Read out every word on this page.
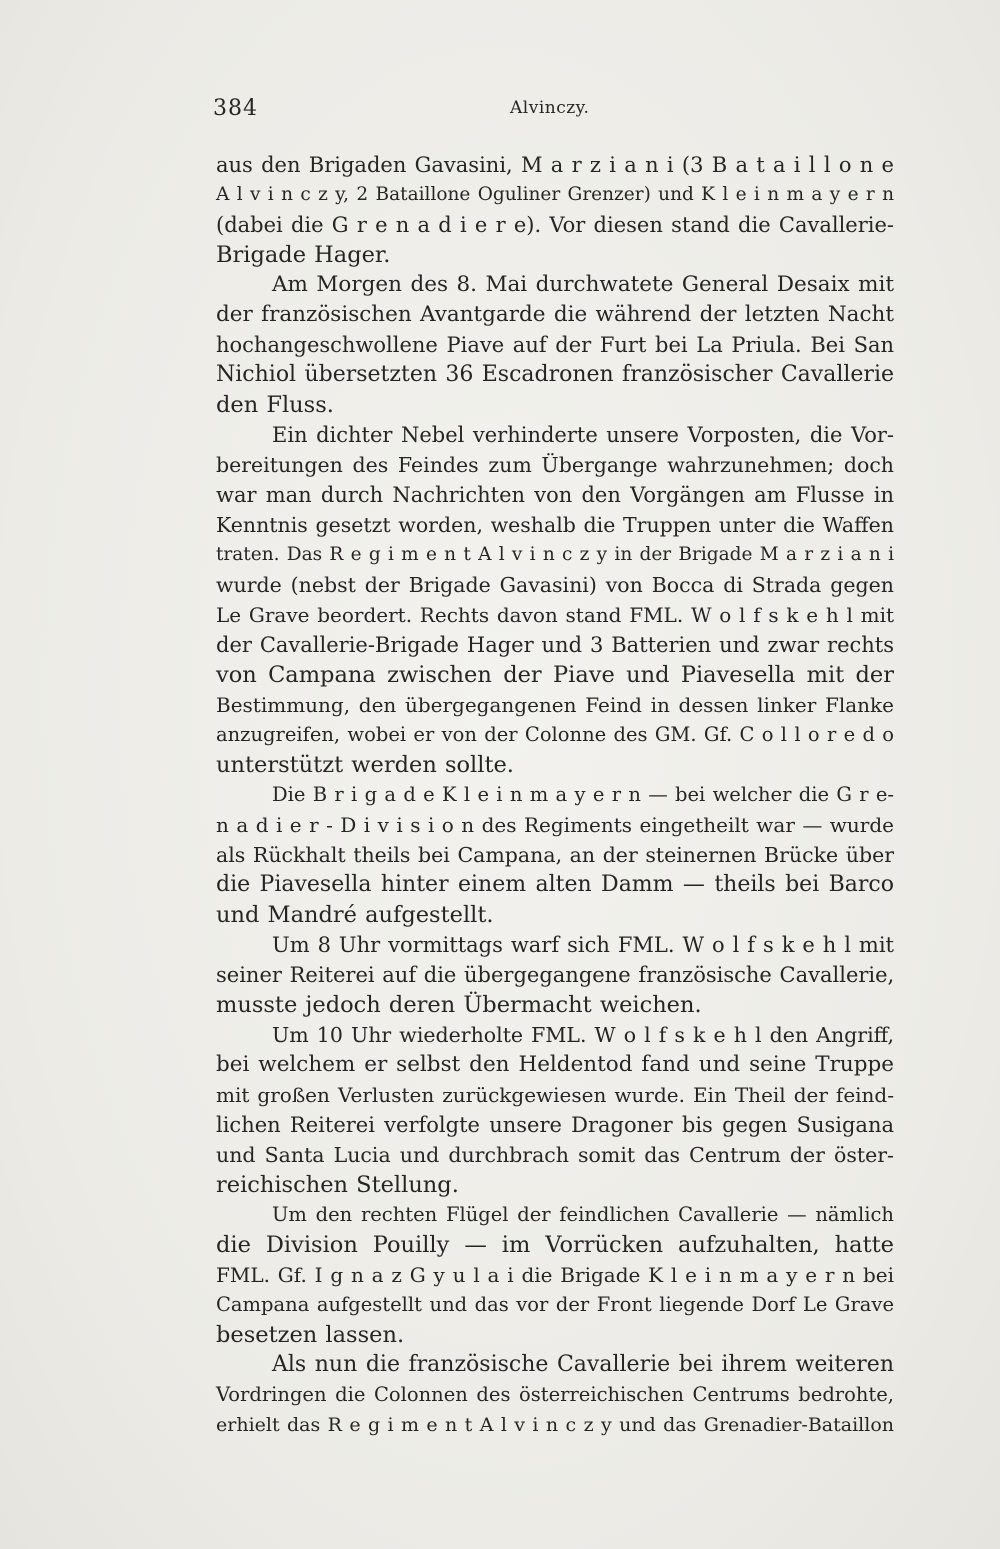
384	Alvinczy.
aus den Brigaden Gavasini, M a r z i a n i (3 B a t a i l l o n e
A l v i n c z y, 2 Bataillone Oguliner Grenzer) und K l e i n m a y e r n
(dabei die G r e n a d i e r e). Vor diesen stand die Cavallerie-
Brigade Hager.
Am Morgen des 8. Mai durchwatete General Desaix mit
der französischen Avantgarde die während der letzten Nacht
hochangeschwollene Piave auf der Furt bei La Priula. Bei San
Nichiol übersetzten 36 Escadronen französischer Cavallerie
den Fluss.
Ein dichter Nebel verhinderte unsere Vorposten, die Vor-
bereitungen des Feindes zum Übergange wahrzunehmen; doch
war man durch Nachrichten von den Vorgängen am Flusse in
Kenntnis gesetzt worden, weshalb die Truppen unter die Waffen
traten. Das R e g i m e n t A l v i n c z y in der Brigade M a r z i a n i
wurde (nebst der Brigade Gavasini) von Bocca di Strada gegen
Le Grave beordert. Rechts davon stand FML. W o l f s k e h l mit
der Cavallerie-Brigade Hager und 3 Batterien und zwar rechts
von Campana zwischen der Piave und Piavesella mit der
Bestimmung, den übergegangenen Feind in dessen linker Flanke
anzugreifen, wobei er von der Colonne des GM. Gf. C o l l o r e d o
unterstützt werden sollte.
Die B r i g a d e K l e i n m a y e r n — bei welcher die G r e-
n a d i e r - D i v i s i o n des Regiments eingetheilt war — wurde
als Rückhalt theils bei Campana, an der steinernen Brücke über
die Piavesella hinter einem alten Damm — theils bei Barco
und Mandré aufgestellt.
Um 8 Uhr vormittags warf sich FML. W o l f s k e h l mit
seiner Reiterei auf die übergegangene französische Cavallerie,
musste jedoch deren Übermacht weichen.
Um 10 Uhr wiederholte FML. W o l f s k e h l den Angriff,
bei welchem er selbst den Heldentod fand und seine Truppe
mit großen Verlusten zurückgewiesen wurde. Ein Theil der feind-
lichen Reiterei verfolgte unsere Dragoner bis gegen Susigana
und Santa Lucia und durchbrach somit das Centrum der öster-
reichischen Stellung.
Um den rechten Flügel der feindlichen Cavallerie — nämlich
die Division Pouilly — im Vorrücken aufzuhalten, hatte
FML. Gf. I g n a z G y u l a i die Brigade K l e i n m a y e r n bei
Campana aufgestellt und das vor der Front liegende Dorf Le Grave
besetzen lassen.
Als nun die französische Cavallerie bei ihrem weiteren
Vordringen die Colonnen des österreichischen Centrums bedrohte,
erhielt das R e g i m e n t A l v i n c z y und das Grenadier-Bataillon
